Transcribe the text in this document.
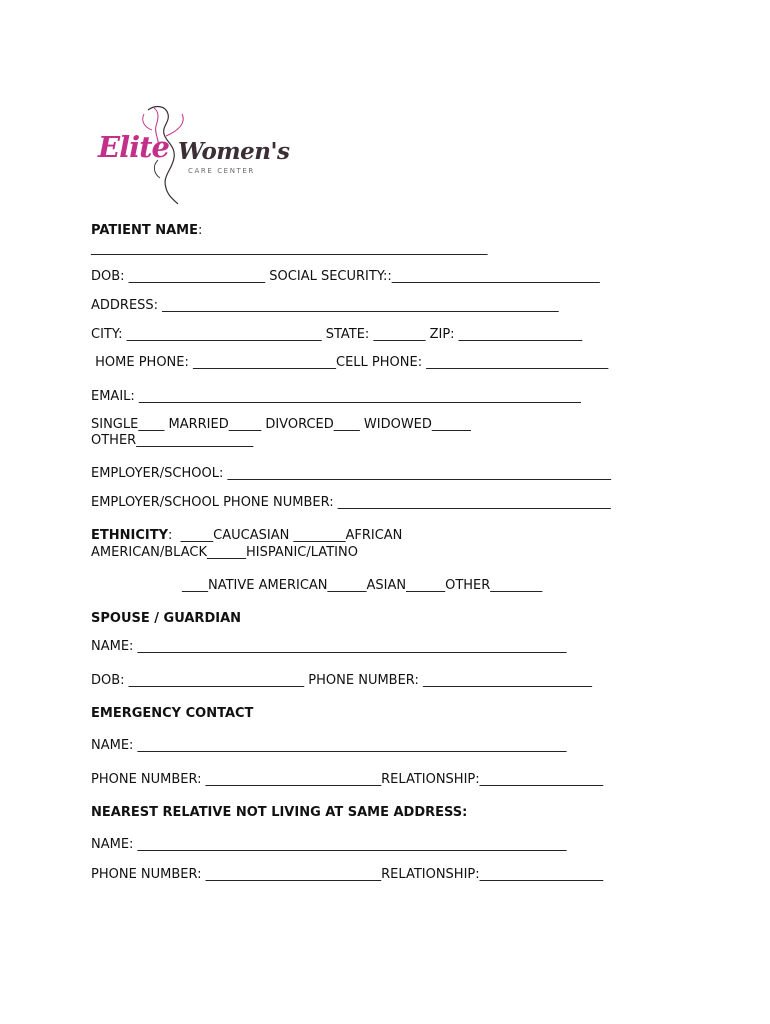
Elite Women's
CARE CENTER
PATIENT NAME:
_____________________________________________________________
DOB: _____________________ SOCIAL SECURITY::________________________________
ADDRESS: _____________________________________________________________
CITY: ______________________________ STATE: ________ ZIP: ___________________
HOME PHONE: ______________________CELL PHONE: ____________________________
EMAIL: ____________________________________________________________________
SINGLE____ MARRIED_____ DIVORCED____ WIDOWED______
OTHER__________________
EMPLOYER/SCHOOL: ___________________________________________________________
EMPLOYER/SCHOOL PHONE NUMBER: __________________________________________
ETHNICITY:  _____CAUCASIAN ________AFRICAN
AMERICAN/BLACK______HISPANIC/LATINO
____NATIVE AMERICAN______ASIAN______OTHER________
SPOUSE / GUARDIAN
NAME: __________________________________________________________________
DOB: ___________________________ PHONE NUMBER: __________________________
EMERGENCY CONTACT
NAME: __________________________________________________________________
PHONE NUMBER: ___________________________RELATIONSHIP:___________________
NEAREST RELATIVE NOT LIVING AT SAME ADDRESS:
NAME: __________________________________________________________________
PHONE NUMBER: ___________________________RELATIONSHIP:___________________
